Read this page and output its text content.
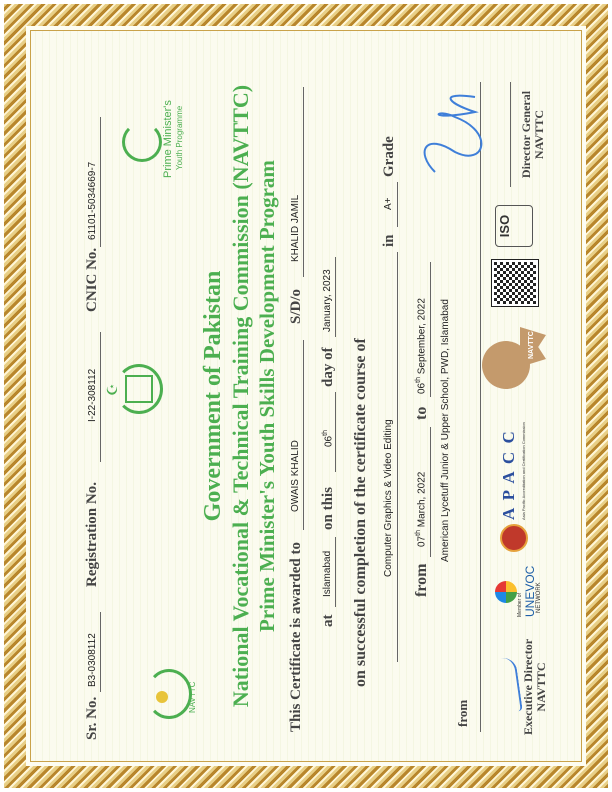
Sr. No.
B3-0308112
Registration No.
I-22-308112
CNIC No.
61101-5034669-7
NAVTTC
☪
Prime Minister's Youth Programme
Government of Pakistan National Vocational & Technical Training Commission (NAVTTC) Prime Minister's Youth Skills Development Program
This Certificate is awarded to
OWAIS KHALID
S/D/o
KHALID JAMIL
at
Islamabad
on this
06th
day of
January, 2023
on successful completion of the certificate course of Computer Graphics & Video Editing
in
A+
Grade
from
07th March, 2022
to
06th September, 2022 American Lycetuff Junior & Upper School, PWD, Islamabad
from	Executive Director NAVTTC
Member of UNEVOC NETWORK
A P A C C Asia Pacific Accreditation and Certification Commission
NAVTTC
ISO
Director General NAVTTC
